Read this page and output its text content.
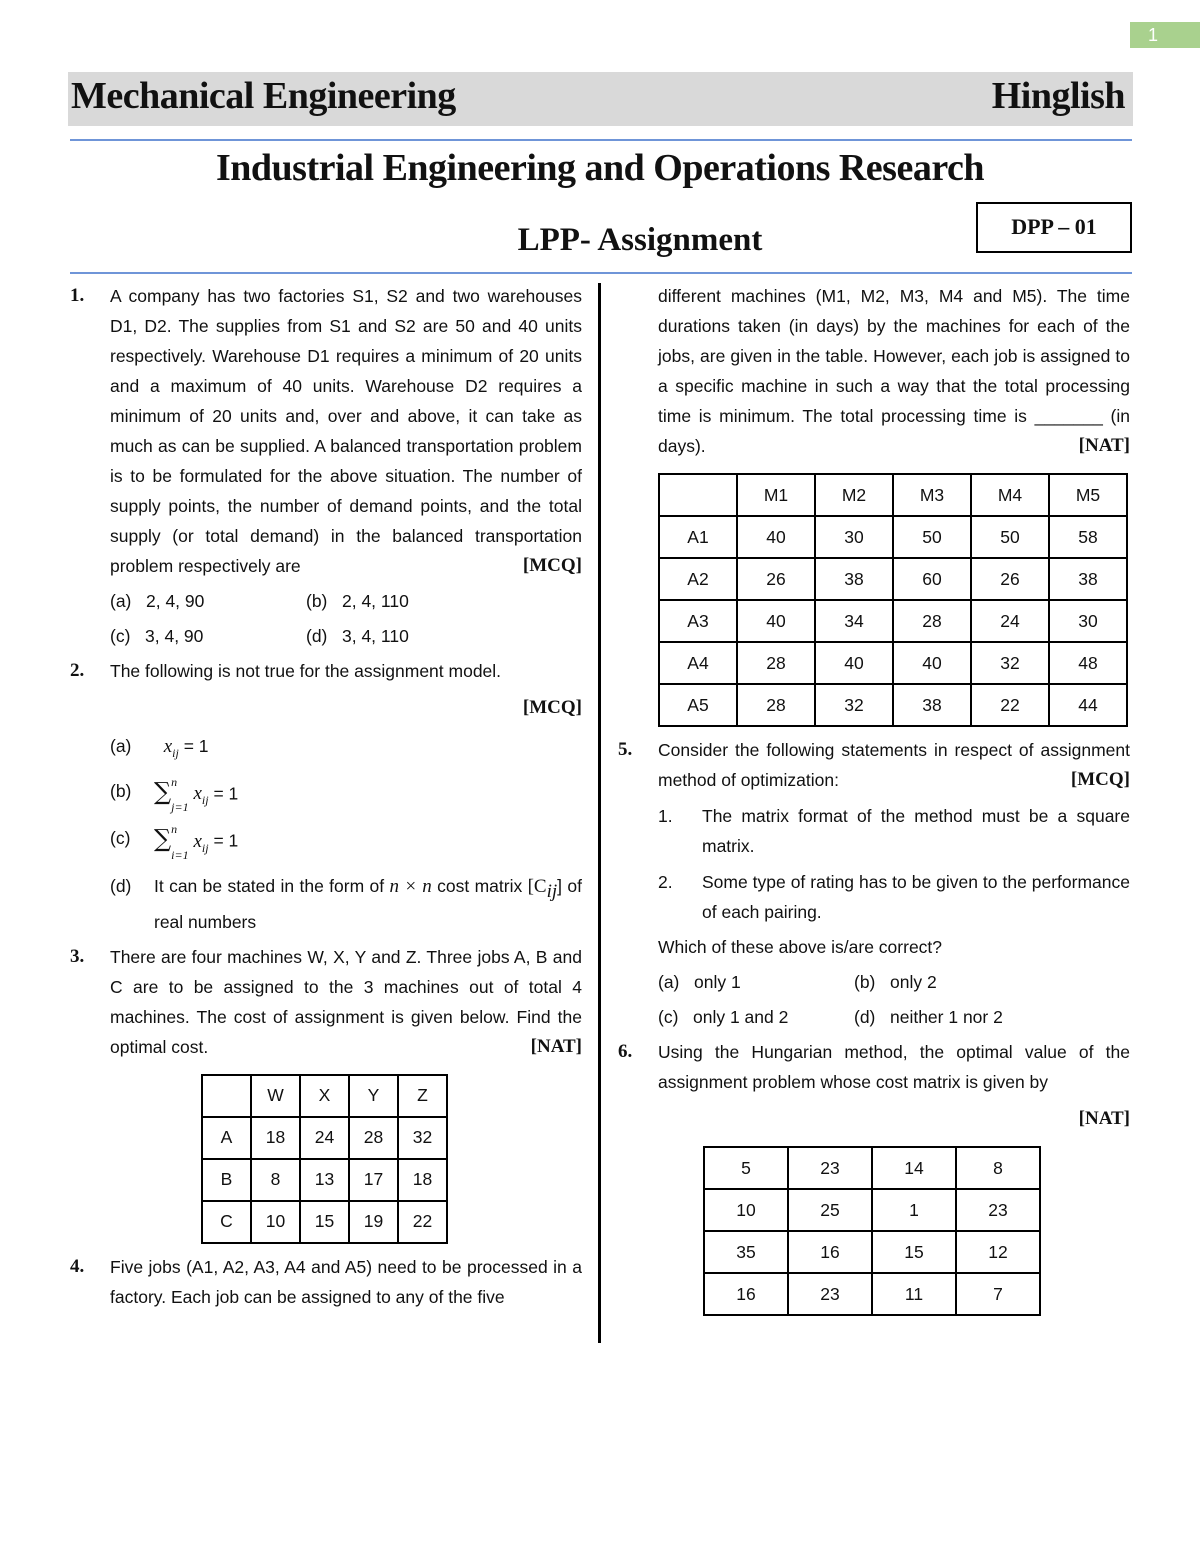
1
Mechanical Engineering	Hinglish
Industrial Engineering and Operations Research
LPP- Assignment	DPP – 01
1. A company has two factories S1, S2 and two warehouses D1, D2. The supplies from S1 and S2 are 50 and 40 units respectively. Warehouse D1 requires a minimum of 20 units and a maximum of 40 units. Warehouse D2 requires a minimum of 20 units and, over and above, it can take as much as can be supplied. A balanced transportation problem is to be formulated for the above situation. The number of supply points, the number of demand points, and the total supply (or total demand) in the balanced transportation problem respectively are	[MCQ]
(a) 2, 4, 90	(b) 2, 4, 110
(c) 3, 4, 90	(d) 3, 4, 110
2. The following is not true for the assignment model.
[MCQ]
(a)	$x_{ij} = 1$
(b) ∑$^n$
$_{j=1}$ $x_{ij} = 1$
(c) ∑$^n$
$_{i=1}$ $x_{ij} = 1$
(d)	It can be stated in the form of n × n cost matrix $[C_{ij}]$ of real numbers
3. There are four machines W, X, Y and Z. Three jobs A, B and C are to be assigned to the 3 machines out of total 4 machines. The cost of assignment is given below. Find the optimal cost.	[NAT]
	W	X	Y	Z
A	18	24	28	32
B	8	13	17	18
C	10	15	19	22
4. Five jobs (A1, A2, A3, A4 and A5) need to be processed in a factory. Each job can be assigned to any of the five
different machines (M1, M2, M3, M4 and M5). The time durations taken (in days) by the machines for each of the jobs, are given in the table. However, each job is assigned to a specific machine in such a way that the total processing time is minimum. The total processing time is _______ (in days).	[NAT]
	M1	M2	M3	M4	M5
A1	40	30	50	50	58
A2	26	38	60	26	38
A3	40	34	28	24	30
A4	28	40	40	32	48
A5	28	32	38	22	44
5. Consider the following statements in respect of assignment method of optimization:	[MCQ]
1.	The matrix format of the method must be a square matrix.
2.	Some type of rating has to be given to the performance of each pairing.
Which of these above is/are correct?
(a) only 1	(b) only 2
(c) only 1 and 2	(d) neither 1 nor 2
6. Using the Hungarian method, the optimal value of the assignment problem whose cost matrix is given by
[NAT]
5	23	14	8
10	25	1	23
35	16	15	12
16	23	11	7
